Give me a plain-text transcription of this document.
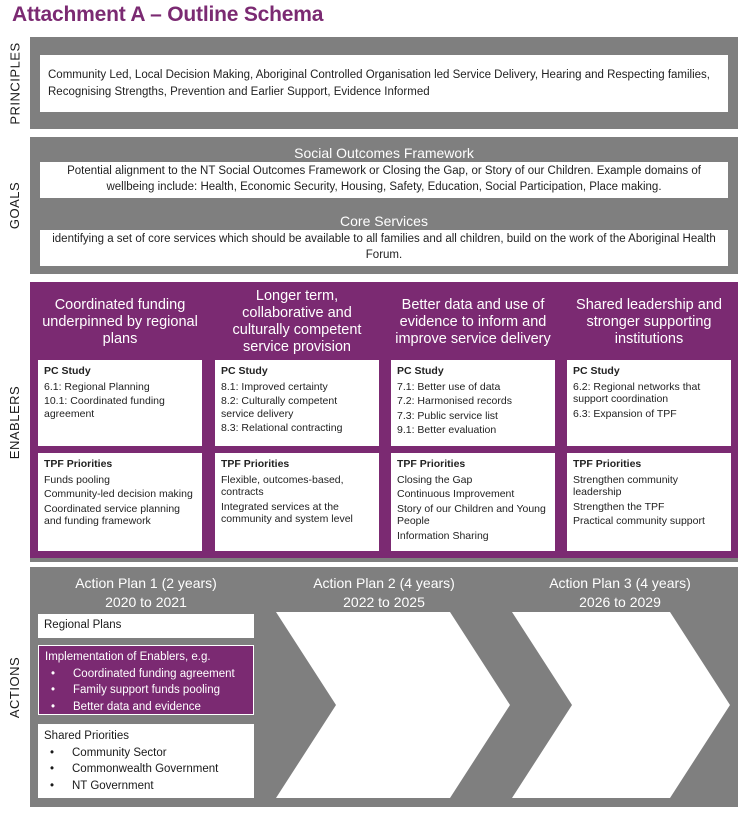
Attachment A – Outline Schema
PRINCIPLES	Community Led, Local Decision Making, Aboriginal Controlled Organisation led Service Delivery, Hearing and Respecting families, Recognising Strengths, Prevention and Earlier Support, Evidence Informed
GOALS
Social Outcomes Framework
Potential alignment to the NT Social Outcomes Framework or Closing the Gap, or Story of our Children. Example domains of wellbeing include: Health, Economic Security, Housing, Safety, Education, Social Participation, Place making.
Core Services
identifying a set of core services which should be available to all families and all children, build on the work of the Aboriginal Health Forum.
ENABLERS
Coordinated funding underpinned by regional plans
PC Study
6.1: Regional Planning
10.1: Coordinated funding agreement
TPF Priorities
Funds pooling
Community-led decision making
Coordinated service planning and funding framework
Longer term, collaborative and culturally competent service provision
PC Study
8.1: Improved certainty
8.2: Culturally competent service delivery
8.3: Relational contracting
TPF Priorities
Flexible, outcomes-based, contracts
Integrated services at the community and system level
Better data and use of evidence to inform and improve service delivery
PC Study
7.1: Better use of data
7.2: Harmonised records
7.3: Public service list
9.1: Better evaluation
TPF Priorities
Closing the Gap
Continuous Improvement
Story of our Children and Young People
Information Sharing
Shared leadership and stronger supporting institutions
PC Study
6.2: Regional networks that support coordination
6.3: Expansion of TPF
TPF Priorities
Strengthen community leadership
Strengthen the TPF
Practical community support
ACTIONS
Action Plan 1 (2 years)
2020 to 2021
Action Plan 2 (4 years)
2022 to 2025
Action Plan 3 (4 years)
2026 to 2029
Regional Plans
Implementation of Enablers, e.g.
• Coordinated funding agreement
• Family support funds pooling
• Better data and evidence
Shared Priorities
• Community Sector
• Commonwealth Government
• NT Government
